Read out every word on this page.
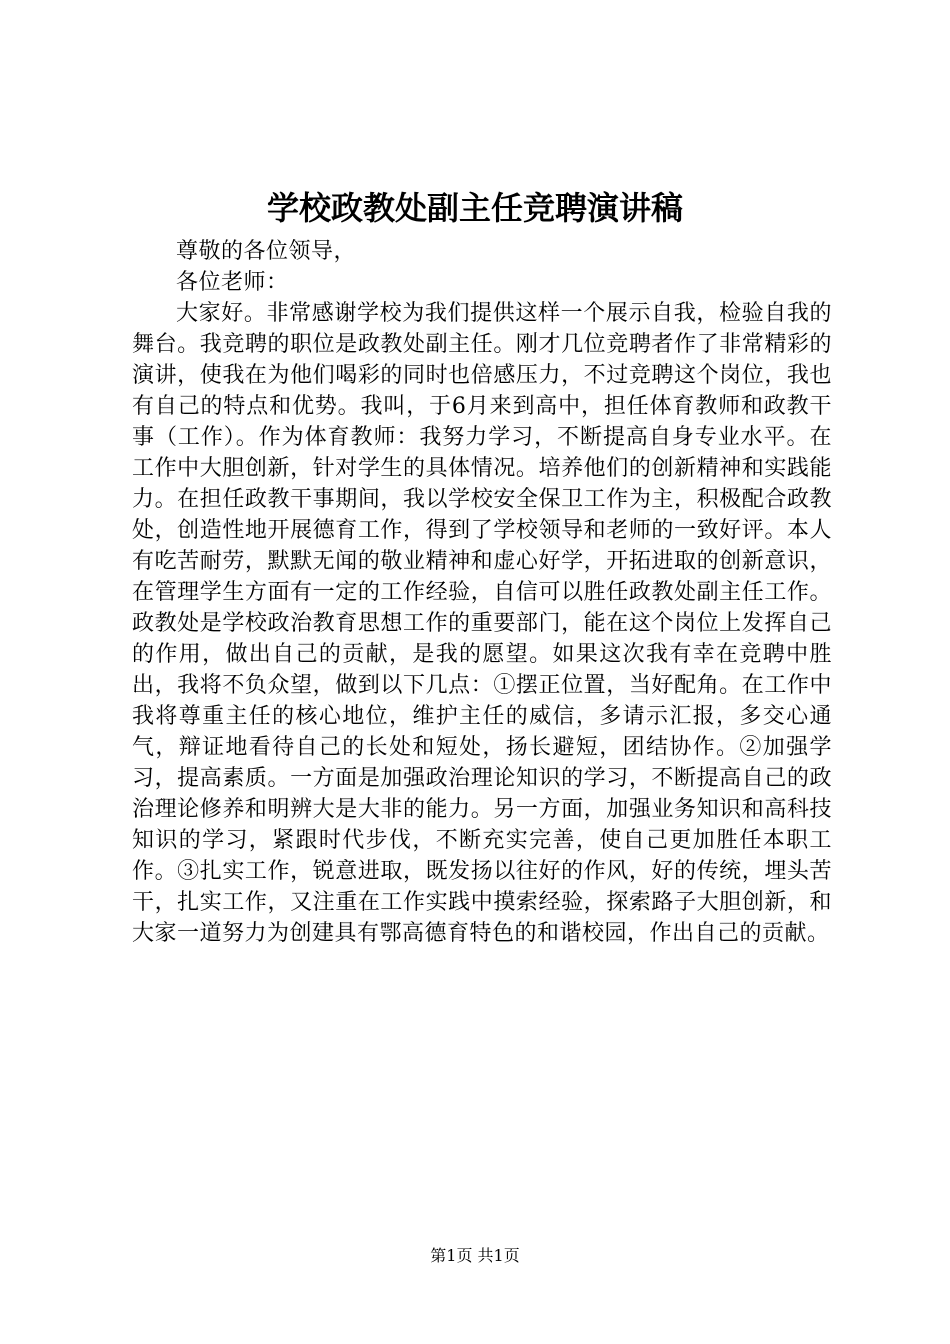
学校政教处副主任竞聘演讲稿

尊敬的各位领导，

各位老师：

大家好。非常感谢学校为我们提供这样一个展示自我，检验自我的舞台。我竞聘的职位是政教处副主任。刚才几位竞聘者作了非常精彩的演讲，使我在为他们喝彩的同时也倍感压力，不过竞聘这个岗位，我也有自己的特点和优势。我叫，于6月来到高中，担任体育教师和政教干事（工作）。作为体育教师：我努力学习，不断提高自身专业水平。在工作中大胆创新，针对学生的具体情况。培养他们的创新精神和实践能力。在担任政教干事期间，我以学校安全保卫工作为主，积极配合政教处，创造性地开展德育工作，得到了学校领导和老师的一致好评。本人有吃苦耐劳，默默无闻的敬业精神和虚心好学，开拓进取的创新意识，在管理学生方面有一定的工作经验，自信可以胜任政教处副主任工作。政教处是学校政治教育思想工作的重要部门，能在这个岗位上发挥自己的作用，做出自己的贡献，是我的愿望。如果这次我有幸在竞聘中胜出，我将不负众望，做到以下几点：①摆正位置，当好配角。在工作中我将尊重主任的核心地位，维护主任的威信，多请示汇报，多交心通气，辩证地看待自己的长处和短处，扬长避短，团结协作。②加强学习，提高素质。一方面是加强政治理论知识的学习，不断提高自己的政治理论修养和明辨大是大非的能力。另一方面，加强业务知识和高科技知识的学习，紧跟时代步伐，不断充实完善，使自己更加胜任本职工作。③扎实工作，锐意进取，既发扬以往好的作风，好的传统，埋头苦干，扎实工作，又注重在工作实践中摸索经验，探索路子大胆创新，和大家一道努力为创建具有鄂高德育特色的和谐校园，作出自己的贡献。

第1页 共1页
